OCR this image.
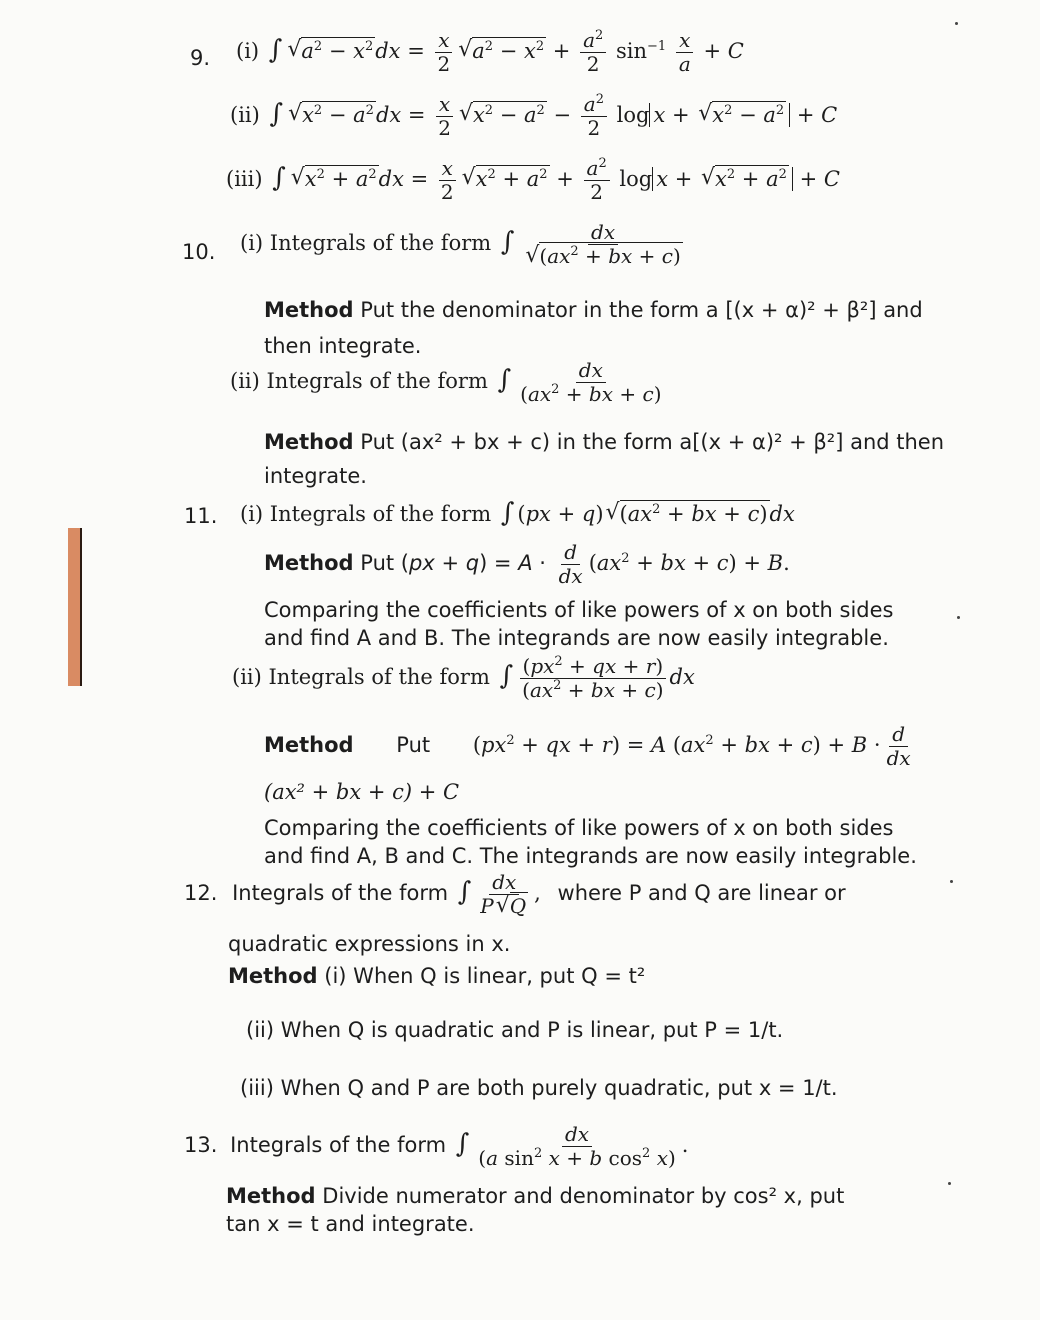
9. (i) ∫ √ $a^2 - x^2dx = \frac{x}{2}$ √ $a^2 - x^2 + \frac{a^2}{2} \sin^{-1} \frac{x}{a} + C$
(ii) ∫ √ $x^2 - a^2dx = \frac{x}{2}$ √ $x^2 - a^2 - \frac{a^2}{2}$ log x + √ $x^2 - a^2 + C$
(iii) ∫ √ $x^2 + a^2dx = \frac{x}{2}$ √ $x^2 + a^2 + \frac{a^2}{2}$ log x + √ $x^2 + a^2 + C$
10. (i) Integrals of the form ∫ dx
√ ($ax^2$ + bx + c)
Method Put the denominator in the form a [(x + α)² + β²] and
then integrate.
(ii) Integrals of the form ∫ $\frac{dx}{(ax^2 + bx + c)}$
Method Put (ax² + bx + c) in the form a[(x + α)² + β²] and then
integrate.
11. (i) Integrals of the form ∫ (px + q) √ ($ax^2$ + bx + c)dx
Method Put $(px + q) = A \cdot \frac{d}{dx} (ax^2$ + bx + c) + B.
Comparing the coefficients of like powers of x on both sides
and find A and B. The integrands are now easily integrable.
(ii) Integrals of the form ∫ $\frac{(px^2 + qx + r)}{(ax^2 + bx + c)}$ dx
Method Put ($px^2$ + qx + r) = A ($ax^2$ + bx + $c) + B \cdot \frac{d}{dx}$
(ax² + bx + c) + C
Comparing the coefficients of like powers of x on both sides
and find A, B and C. The integrands are now easily integrable.
12. Integrals of the form ∫ $\frac{dx}{P √ Q}$ , where P and Q are linear or
quadratic expressions in x.
Method (i) When Q is linear, put Q = t²
(ii) When Q is quadratic and P is linear, put P = 1/t.
(iii) When Q and P are both purely quadratic, put x = 1/t.
13. Integrals of the form ∫ $\frac{dx}{(a \sin^2 x + b \cos^2 x)}$ .
Method Divide numerator and denominator by cos² x, put
tan x = t and integrate.
